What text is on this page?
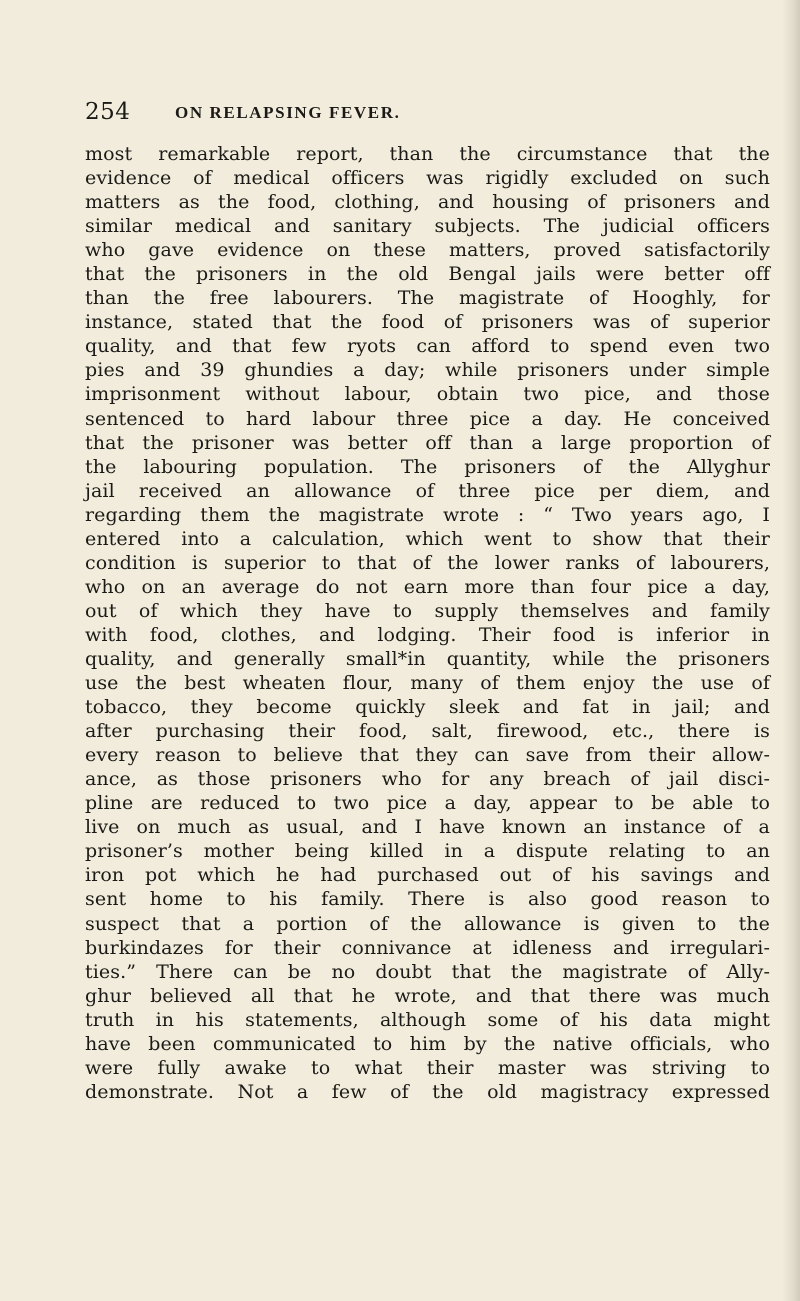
254	ON RELAPSING FEVER.
most remarkable report, than the circumstance that the
evidence of medical officers was rigidly excluded on such
matters as the food, clothing, and housing of prisoners and
similar medical and sanitary subjects. The judicial officers
who gave evidence on these matters, proved satisfactorily
that the prisoners in the old Bengal jails were better off
than the free labourers. The magistrate of Hooghly, for
instance, stated that the food of prisoners was of superior
quality, and that few ryots can afford to spend even two
pies and 39 ghundies a day; while prisoners under simple
imprisonment without labour, obtain two pice, and those
sentenced to hard labour three pice a day. He conceived
that the prisoner was better off than a large proportion of
the labouring population. The prisoners of the Allyghur
jail received an allowance of three pice per diem, and
regarding them the magistrate wrote : “ Two years ago, I
entered into a calculation, which went to show that their
condition is superior to that of the lower ranks of labourers,
who on an average do not earn more than four pice a day,
out of which they have to supply themselves and family
with food, clothes, and lodging. Their food is inferior in
quality, and generally small*in quantity, while the prisoners
use the best wheaten flour, many of them enjoy the use of
tobacco, they become quickly sleek and fat in jail; and
after purchasing their food, salt, firewood, etc., there is
every reason to believe that they can save from their allow-
ance, as those prisoners who for any breach of jail disci-
pline are reduced to two pice a day, appear to be able to
live on much as usual, and I have known an instance of a
prisoner’s mother being killed in a dispute relating to an
iron pot which he had purchased out of his savings and
sent home to his family. There is also good reason to
suspect that a portion of the allowance is given to the
burkindazes for their connivance at idleness and irregulari-
ties.” There can be no doubt that the magistrate of Ally-
ghur believed all that he wrote, and that there was much
truth in his statements, although some of his data might
have been communicated to him by the native officials, who
were fully awake to what their master was striving to
demonstrate. Not a few of the old magistracy expressed
